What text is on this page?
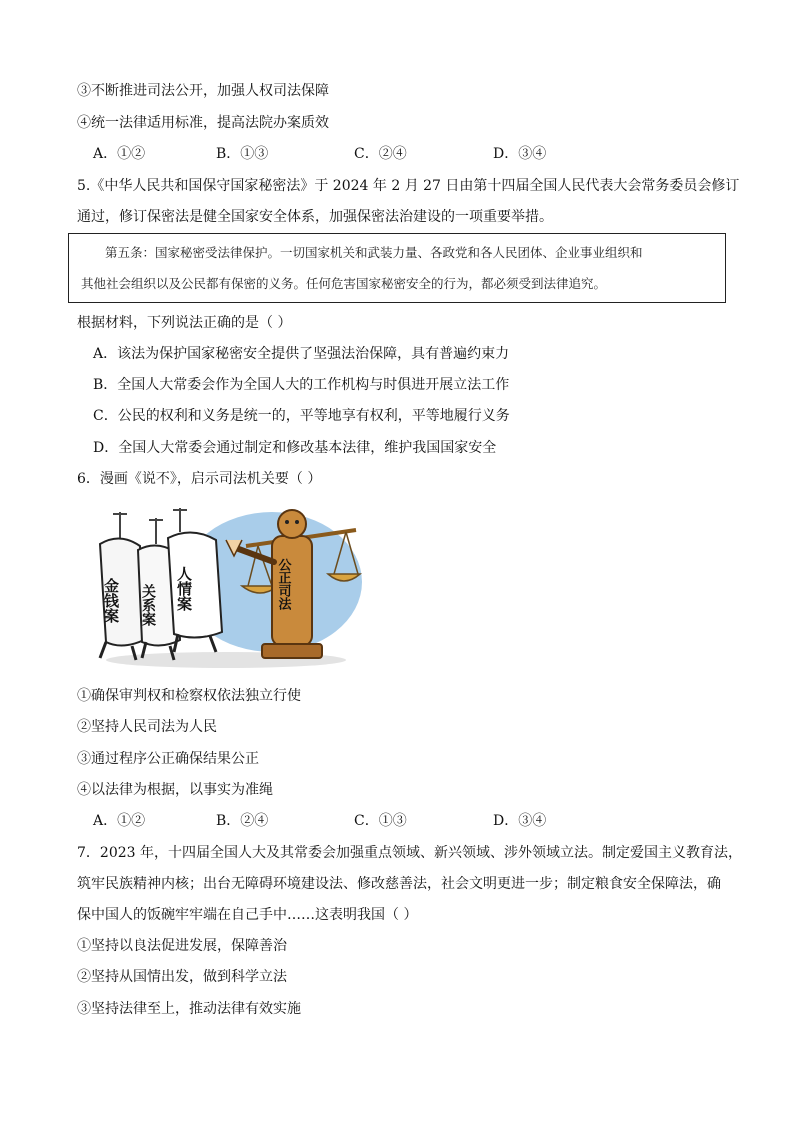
③不断推进司法公开，加强人权司法保障
④统一法律适用标准，提高法院办案质效
A．①②	B．①③	C．②④	D．③④
5.《中华人民共和国保守国家秘密法》于 2024 年 2 月 27 日由第十四届全国人民代表大会常务委员会修订
通过，修订保密法是健全国家安全体系，加强保密法治建设的一项重要举措。
第五条：国家秘密受法律保护。一切国家机关和武装力量、各政党和各人民团体、企业事业组织和
其他社会组织以及公民都有保密的义务。任何危害国家秘密安全的行为，都必须受到法律追究。
根据材料，下列说法正确的是（ ）
A．该法为保护国家秘密安全提供了坚强法治保障，具有普遍约束力
B．全国人大常委会作为全国人大的工作机构与时俱进开展立法工作
C．公民的权利和义务是统一的，平等地享有权利，平等地履行义务
D．全国人大常委会通过制定和修改基本法律，维护我国国家安全
6．漫画《说不》，启示司法机关要（ ）
金钱案 关系案 人情案	公正司法
①确保审判权和检察权依法独立行使
②坚持人民司法为人民
③通过程序公正确保结果公正
④以法律为根据，以事实为准绳
A．①②	B．②④	C．①③	D．③④
7．2023 年，十四届全国人大及其常委会加强重点领域、新兴领域、涉外领域立法。制定爱国主义教育法，
筑牢民族精神内核；出台无障碍环境建设法、修改慈善法，社会文明更进一步；制定粮食安全保障法，确
保中国人的饭碗牢牢端在自己手中……这表明我国（ ）
①坚持以良法促进发展，保障善治
②坚持从国情出发，做到科学立法
③坚持法律至上，推动法律有效实施
